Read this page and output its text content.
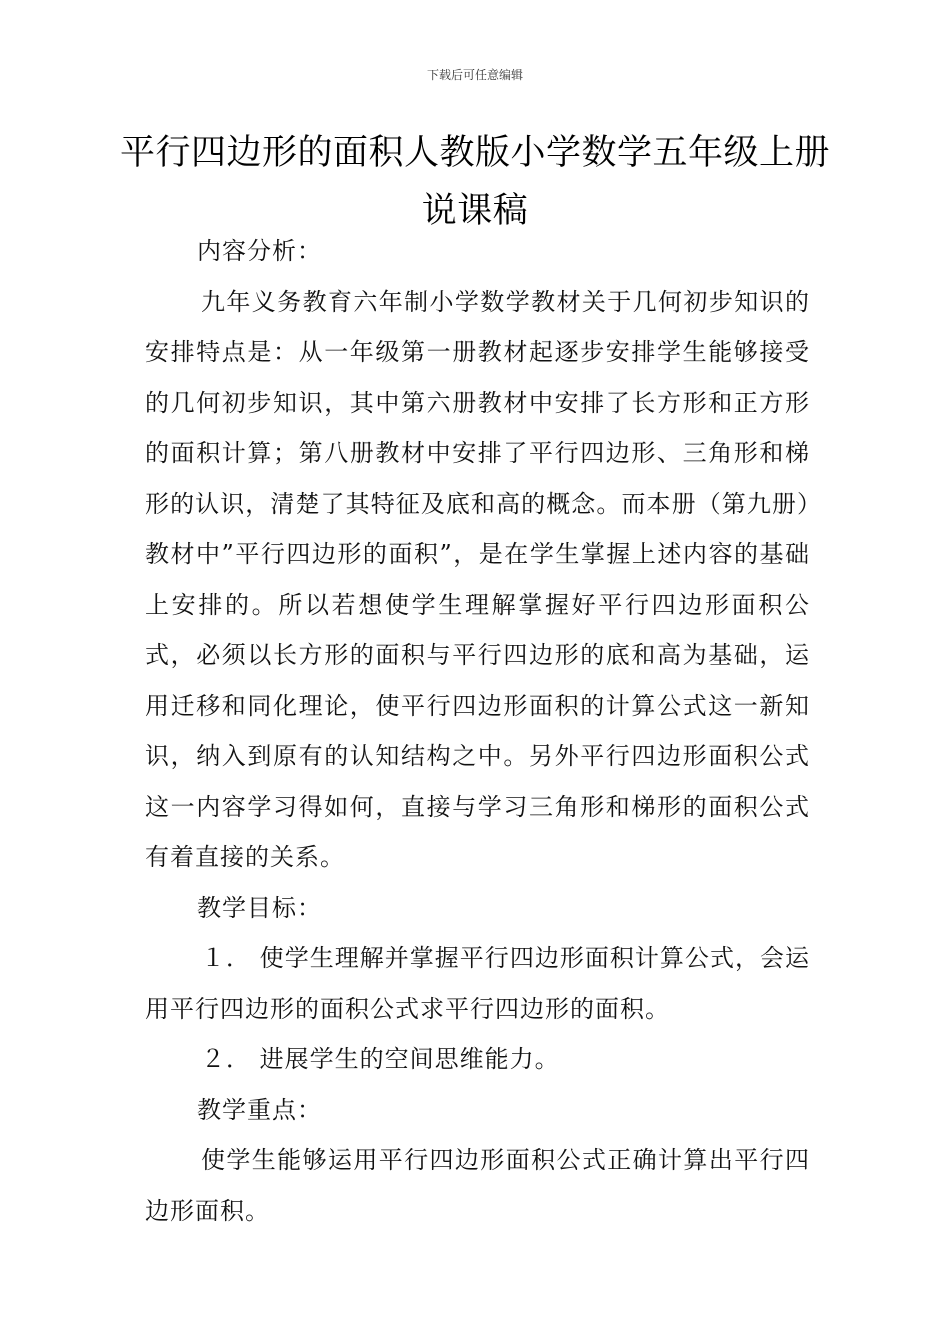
下载后可任意编辑
平行四边形的面积人教版小学数学五年级上册说课稿

内容分析：

九年义务教育六年制小学数学教材关于几何初步知识的安排特点是：从一年级第一册教材起逐步安排学生能够接受的几何初步知识，其中第六册教材中安排了长方形和正方形的面积计算；第八册教材中安排了平行四边形、三角形和梯形的认识，清楚了其特征及底和高的概念。而本册（第九册）教材中”平行四边形的面积”，是在学生掌握上述内容的基础上安排的。所以若想使学生理解掌握好平行四边形面积公式，必须以长方形的面积与平行四边形的底和高为基础，运用迁移和同化理论，使平行四边形面积的计算公式这一新知识，纳入到原有的认知结构之中。另外平行四边形面积公式这一内容学习得如何，直接与学习三角形和梯形的面积公式有着直接的关系。

教学目标：

１． 使学生理解并掌握平行四边形面积计算公式，会运用平行四边形的面积公式求平行四边形的面积。

２． 进展学生的空间思维能力。

教学重点：

使学生能够运用平行四边形面积公式正确计算出平行四边形面积。
